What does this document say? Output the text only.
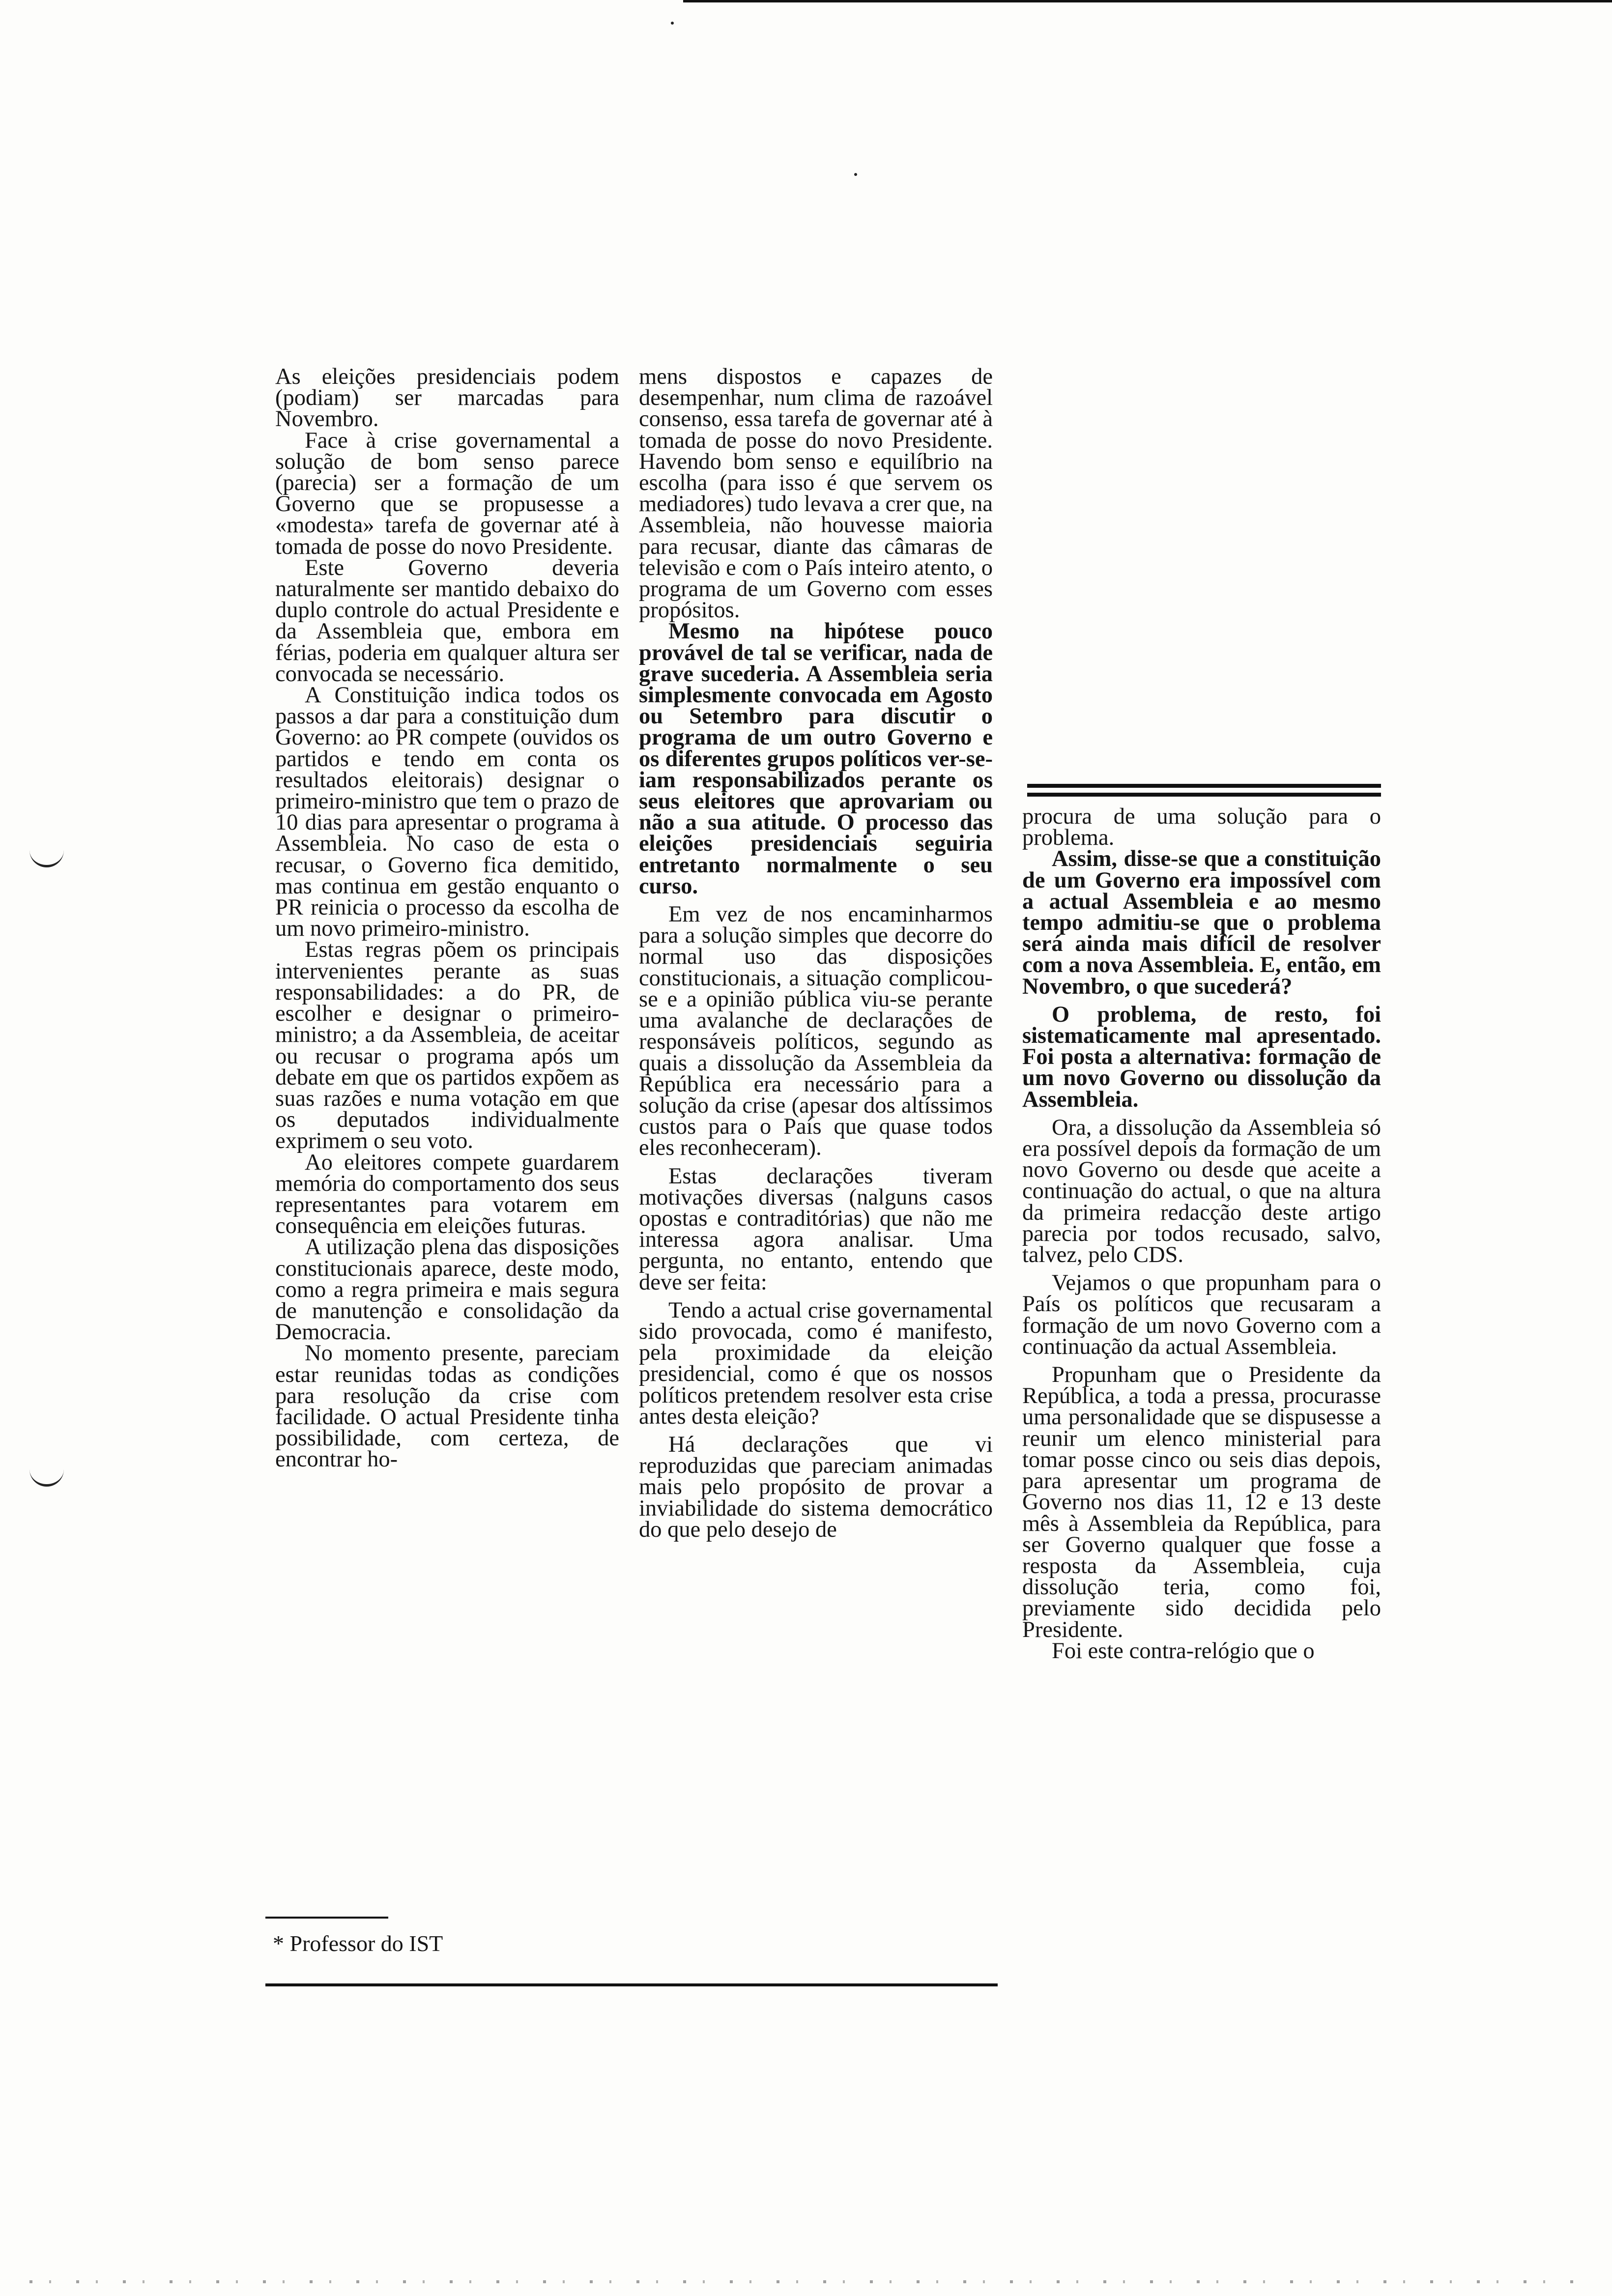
As eleições presidenciais podem (podiam) ser marcadas para Novembro.

Face à crise governamental a solução de bom senso parece (parecia) ser a formação de um Governo que se propusesse a «modesta» tarefa de governar até à tomada de posse do novo Presidente.

Este Governo deveria naturalmente ser mantido debaixo do duplo controle do actual Presidente e da Assembleia que, embora em férias, poderia em qualquer altura ser convocada se necessário.

A Constituição indica todos os passos a dar para a constituição dum Governo: ao PR compete (ouvidos os partidos e tendo em conta os resultados eleitorais) designar o primeiro-ministro que tem o prazo de 10 dias para apresentar o programa à Assembleia. No caso de esta o recusar, o Governo fica demitido, mas continua em gestão enquanto o PR reinicia o processo da escolha de um novo primeiro-ministro.

Estas regras põem os principais intervenientes perante as suas responsabilidades: a do PR, de escolher e designar o primeiro-ministro; a da Assembleia, de aceitar ou recusar o programa após um debate em que os partidos expõem as suas razões e numa votação em que os deputados individualmente exprimem o seu voto.

Ao eleitores compete guardarem memória do comportamento dos seus representantes para votarem em consequência em eleições futuras.

A utilização plena das disposições constitucionais aparece, deste modo, como a regra primeira e mais segura de manutenção e consolidação da Democracia.

No momento presente, pareciam estar reunidas todas as condições para resolução da crise com facilidade. O actual Presidente tinha possibilidade, com certeza, de encontrar ho-

mens dispostos e capazes de desempenhar, num clima de razoável consenso, essa tarefa de governar até à tomada de posse do novo Presidente. Havendo bom senso e equilíbrio na escolha (para isso é que servem os mediadores) tudo levava a crer que, na Assembleia, não houvesse maioria para recusar, diante das câmaras de televisão e com o País inteiro atento, o programa de um Governo com esses propósitos.

Mesmo na hipótese pouco provável de tal se verificar, nada de grave sucederia. A Assembleia seria simplesmente convocada em Agosto ou Setembro para discutir o programa de um outro Governo e os diferentes grupos políticos ver-se-iam responsabilizados perante os seus eleitores que aprovariam ou não a sua atitude. O processo das eleições presidenciais seguiria entretanto normalmente o seu curso.

Em vez de nos encaminharmos para a solução simples que decorre do normal uso das disposições constitucionais, a situação complicou-se e a opinião pública viu-se perante uma avalanche de declarações de responsáveis políticos, segundo as quais a dissolução da Assembleia da República era necessário para a solução da crise (apesar dos altíssimos custos para o País que quase todos eles reconheceram).

Estas declarações tiveram motivações diversas (nalguns casos opostas e contraditórias) que não me interessa agora analisar. Uma pergunta, no entanto, entendo que deve ser feita:

Tendo a actual crise governamental sido provocada, como é manifesto, pela proximidade da eleição presidencial, como é que os nossos políticos pretendem resolver esta crise antes desta eleição?

Há declarações que vi reproduzidas que pareciam animadas mais pelo propósito de provar a inviabilidade do sistema democrático do que pelo desejo de

procura de uma solução para o problema.

Assim, disse-se que a constituição de um Governo era impossível com a actual Assembleia e ao mesmo tempo admitiu-se que o problema será ainda mais difícil de resolver com a nova Assembleia. E, então, em Novembro, o que sucederá?

O problema, de resto, foi sistematicamente mal apresentado. Foi posta a alternativa: formação de um novo Governo ou dissolução da Assembleia.

Ora, a dissolução da Assembleia só era possível depois da formação de um novo Governo ou desde que aceite a continuação do actual, o que na altura da primeira redacção deste artigo parecia por todos recusado, salvo, talvez, pelo CDS.

Vejamos o que propunham para o País os políticos que recusaram a formação de um novo Governo com a continuação da actual Assembleia.

Propunham que o Presidente da República, a toda a pressa, procurasse uma personalidade que se dispusesse a reunir um elenco ministerial para tomar posse cinco ou seis dias depois, para apresentar um programa de Governo nos dias 11, 12 e 13 deste mês à Assembleia da República, para ser Governo qualquer que fosse a resposta da Assembleia, cuja dissolução teria, como foi, previamente sido decidida pelo Presidente.

Foi este contra-relógio que o

* Professor do IST
